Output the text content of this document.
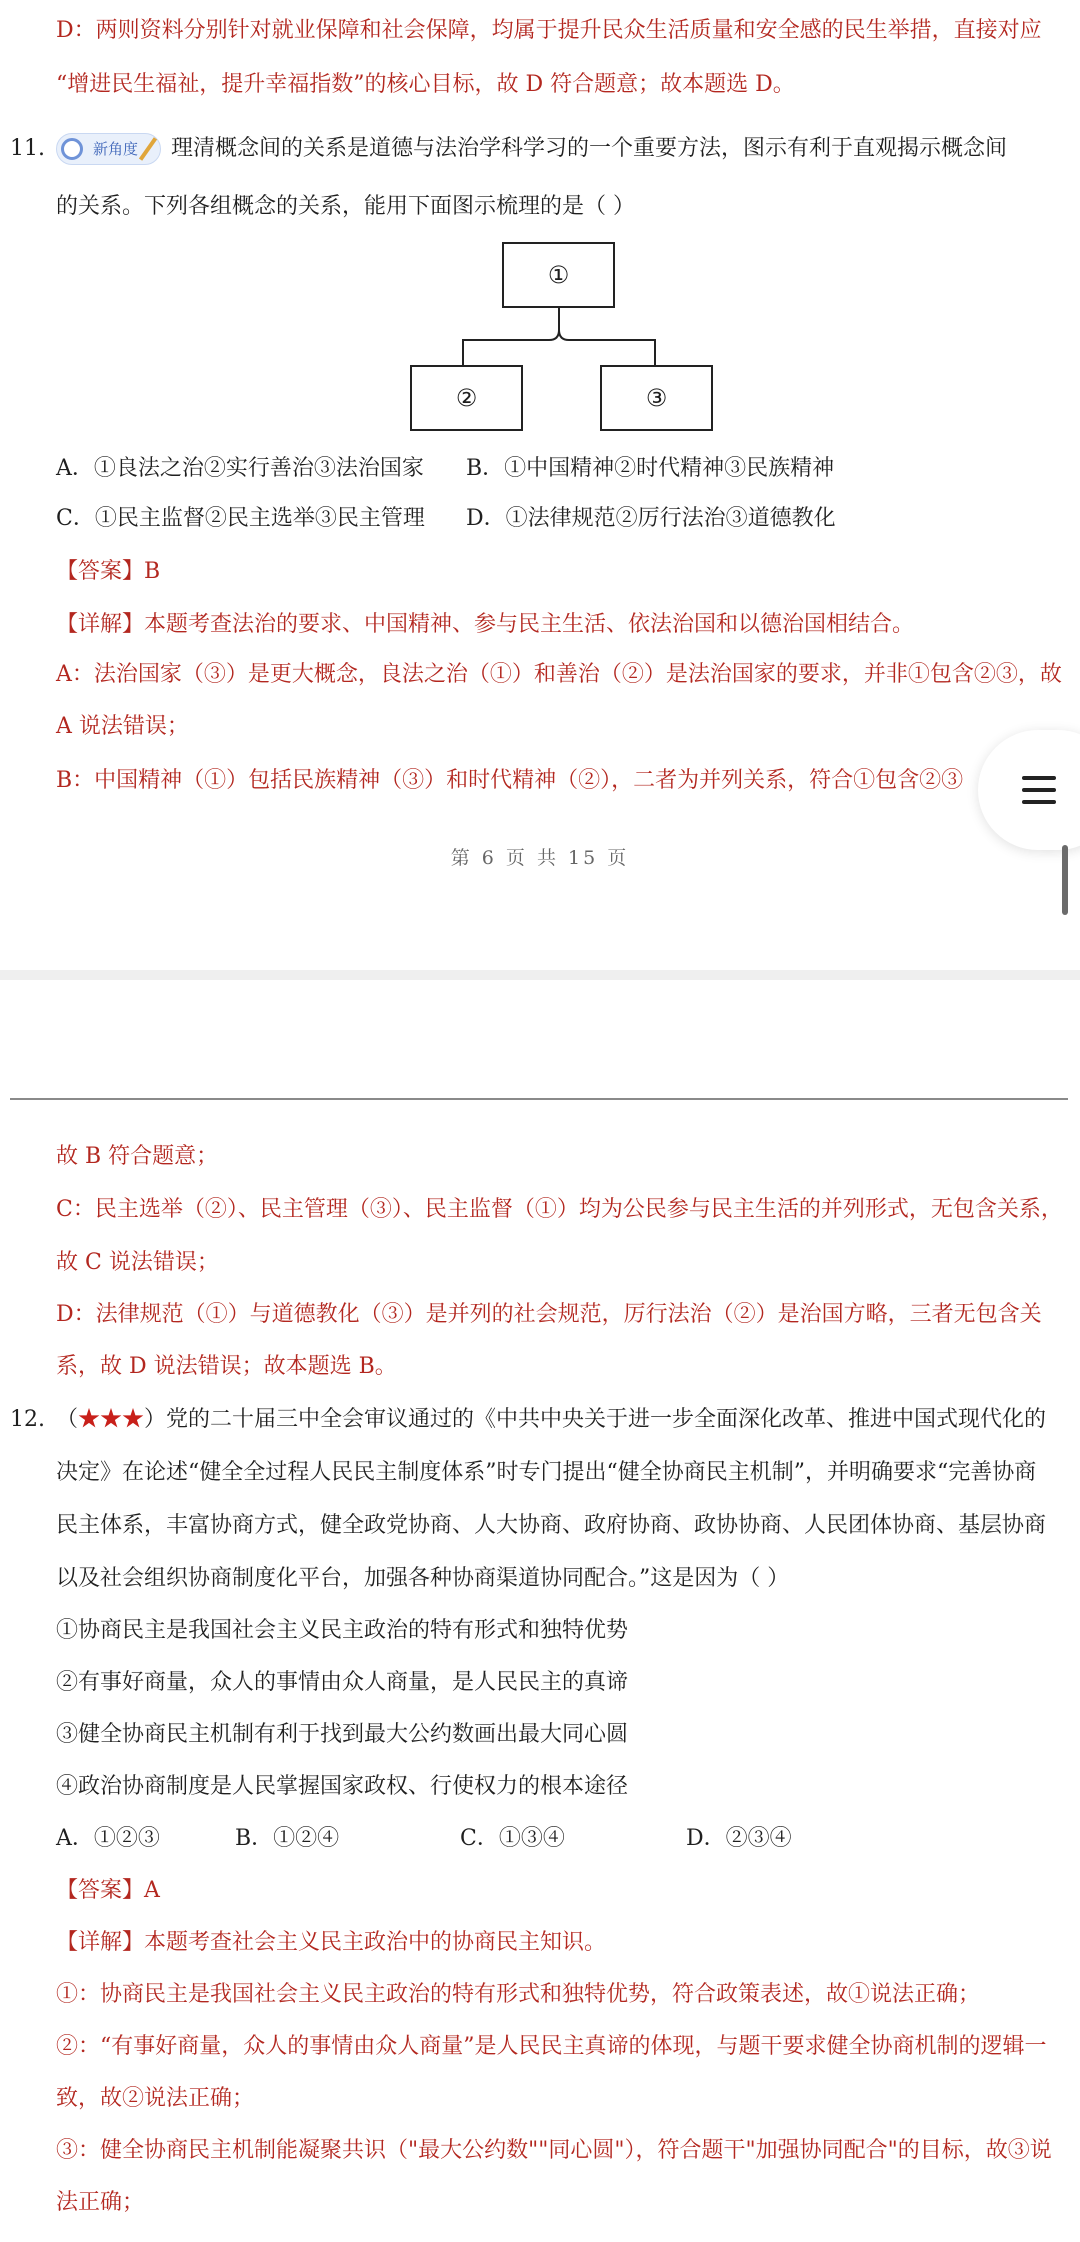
D：两则资料分别针对就业保障和社会保障，均属于提升民众生活质量和安全感的民生举措，直接对应
“增进民生福祉，提升幸福指数”的核心目标，故 D 符合题意；故本题选 D。
11.	新角度 理清概念间的关系是道德与法治学科学习的一个重要方法，图示有利于直观揭示概念间
的关系。下列各组概念的关系，能用下面图示梳理的是（ ）
①
②	③
A．①良法之治②实行善治③法治国家 B．①中国精神②时代精神③民族精神
C．①民主监督②民主选举③民主管理 D．①法律规范②厉行法治③道德教化
【答案】B
【详解】本题考查法治的要求、中国精神、参与民主生活、依法治国和以德治国相结合。
A：法治国家（③）是更大概念，良法之治（①）和善治（②）是法治国家的要求，并非①包含②③，故
A 说法错误；
B：中国精神（①）包括民族精神（③）和时代精神（②），二者为并列关系，符合①包含②③
第 6 页 共 15 页
故 B 符合题意；
C：民主选举（②）、民主管理（③）、民主监督（①）均为公民参与民主生活的并列形式，无包含关系，
故 C 说法错误；
D：法律规范（①）与道德教化（③）是并列的社会规范，厉行法治（②）是治国方略，三者无包含关
系，故 D 说法错误；故本题选 B。
12. （★★★）党的二十届三中全会审议通过的《中共中央关于进一步全面深化改革、推进中国式现代化的
决定》在论述“健全全过程人民民主制度体系”时专门提出“健全协商民主机制”，并明确要求“完善协商
民主体系，丰富协商方式，健全政党协商、人大协商、政府协商、政协协商、人民团体协商、基层协商
以及社会组织协商制度化平台，加强各种协商渠道协同配合。”这是因为（ ）
①协商民主是我国社会主义民主政治的特有形式和独特优势
②有事好商量，众人的事情由众人商量，是人民民主的真谛
③健全协商民主机制有利于找到最大公约数画出最大同心圆
④政治协商制度是人民掌握国家政权、行使权力的根本途径
A．①②③	B．①②④	C．①③④	D．②③④
【答案】A
【详解】本题考查社会主义民主政治中的协商民主知识。
①：协商民主是我国社会主义民主政治的特有形式和独特优势，符合政策表述，故①说法正确；
②：“有事好商量，众人的事情由众人商量”是人民民主真谛的体现，与题干要求健全协商机制的逻辑一
致，故②说法正确；
③：健全协商民主机制能凝聚共识（"最大公约数""同心圆"），符合题干"加强协同配合"的目标，故③说
法正确；
